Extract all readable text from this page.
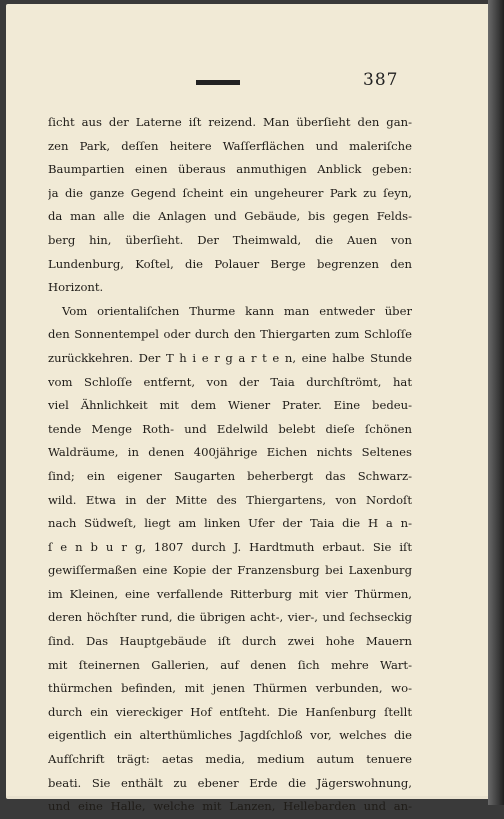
387
ſicht aus der Laterne iſt reizend. Man überſieht den gan-
zen Park, deſſen heitere Waſſerflächen und maleriſche
Baumpartien einen überaus anmuthigen Anblick geben:
ja die ganze Gegend ſcheint ein ungeheurer Park zu ſeyn,
da man alle die Anlagen und Gebäude, bis gegen Felds-
berg hin, überſieht. Der Theimwald, die Auen von
Lundenburg, Koſtel, die Polauer Berge begrenzen den
Horizont.
Vom orientaliſchen Thurme kann man entweder über
den Sonnentempel oder durch den Thiergarten zum Schloſſe
zurückkehren. Der T h i e r g a r t e n, eine halbe Stunde
vom Schloſſe entfernt, von der Taia durchſtrömt, hat
viel Ähnlichkeit mit dem Wiener Prater. Eine bedeu-
tende Menge Roth- und Edelwild belebt dieſe ſchönen
Waldräume, in denen 400jährige Eichen nichts Seltenes
ſind; ein eigener Saugarten beherbergt das Schwarz-
wild. Etwa in der Mitte des Thiergartens, von Nordoſt
nach Südweſt, liegt am linken Ufer der Taia die H a n-
ſ e n b u r g, 1807 durch J. Hardtmuth erbaut. Sie iſt
gewiſſermaßen eine Kopie der Franzensburg bei Laxenburg
im Kleinen, eine verfallende Ritterburg mit vier Thürmen,
deren höchſter rund, die übrigen acht-, vier-, und ſechseckig
ſind. Das Hauptgebäude iſt durch zwei hohe Mauern
mit ſteinernen Gallerien, auf denen ſich mehre Wart-
thürmchen befinden, mit jenen Thürmen verbunden, wo-
durch ein viereckiger Hof entſteht. Die Hanſenburg ſtellt
eigentlich ein alterthümliches Jagdſchloß vor, welches die
Aufſchrift trägt: aetas media, medium autum tenuere
beati. Sie enthält zu ebener Erde die Jägerswohnung,
und eine Halle, welche mit Lanzen, Hellebarden und an-
